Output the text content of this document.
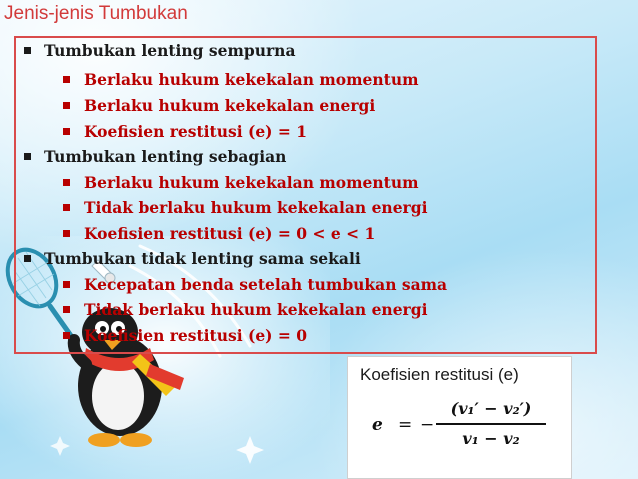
Jenis-jenis Tumbukan
Tumbukan lenting sempurna
Berlaku hukum kekekalan momentum
Berlaku hukum kekekalan energi
Koefisien restitusi (e) = 1
Tumbukan lenting sebagian
Berlaku hukum kekekalan momentum
Tidak berlaku hukum kekekalan energi
Koefisien restitusi (e) = 0 < e < 1
Tumbukan tidak lenting sama sekali
Kecepatan benda setelah tumbukan sama
Tidak berlaku hukum kekekalan energi
Koefisien restitusi (e) = 0

Koefisien restitusi (e)

e = −
(v₁′ − v₂′)
v₁ − v₂
